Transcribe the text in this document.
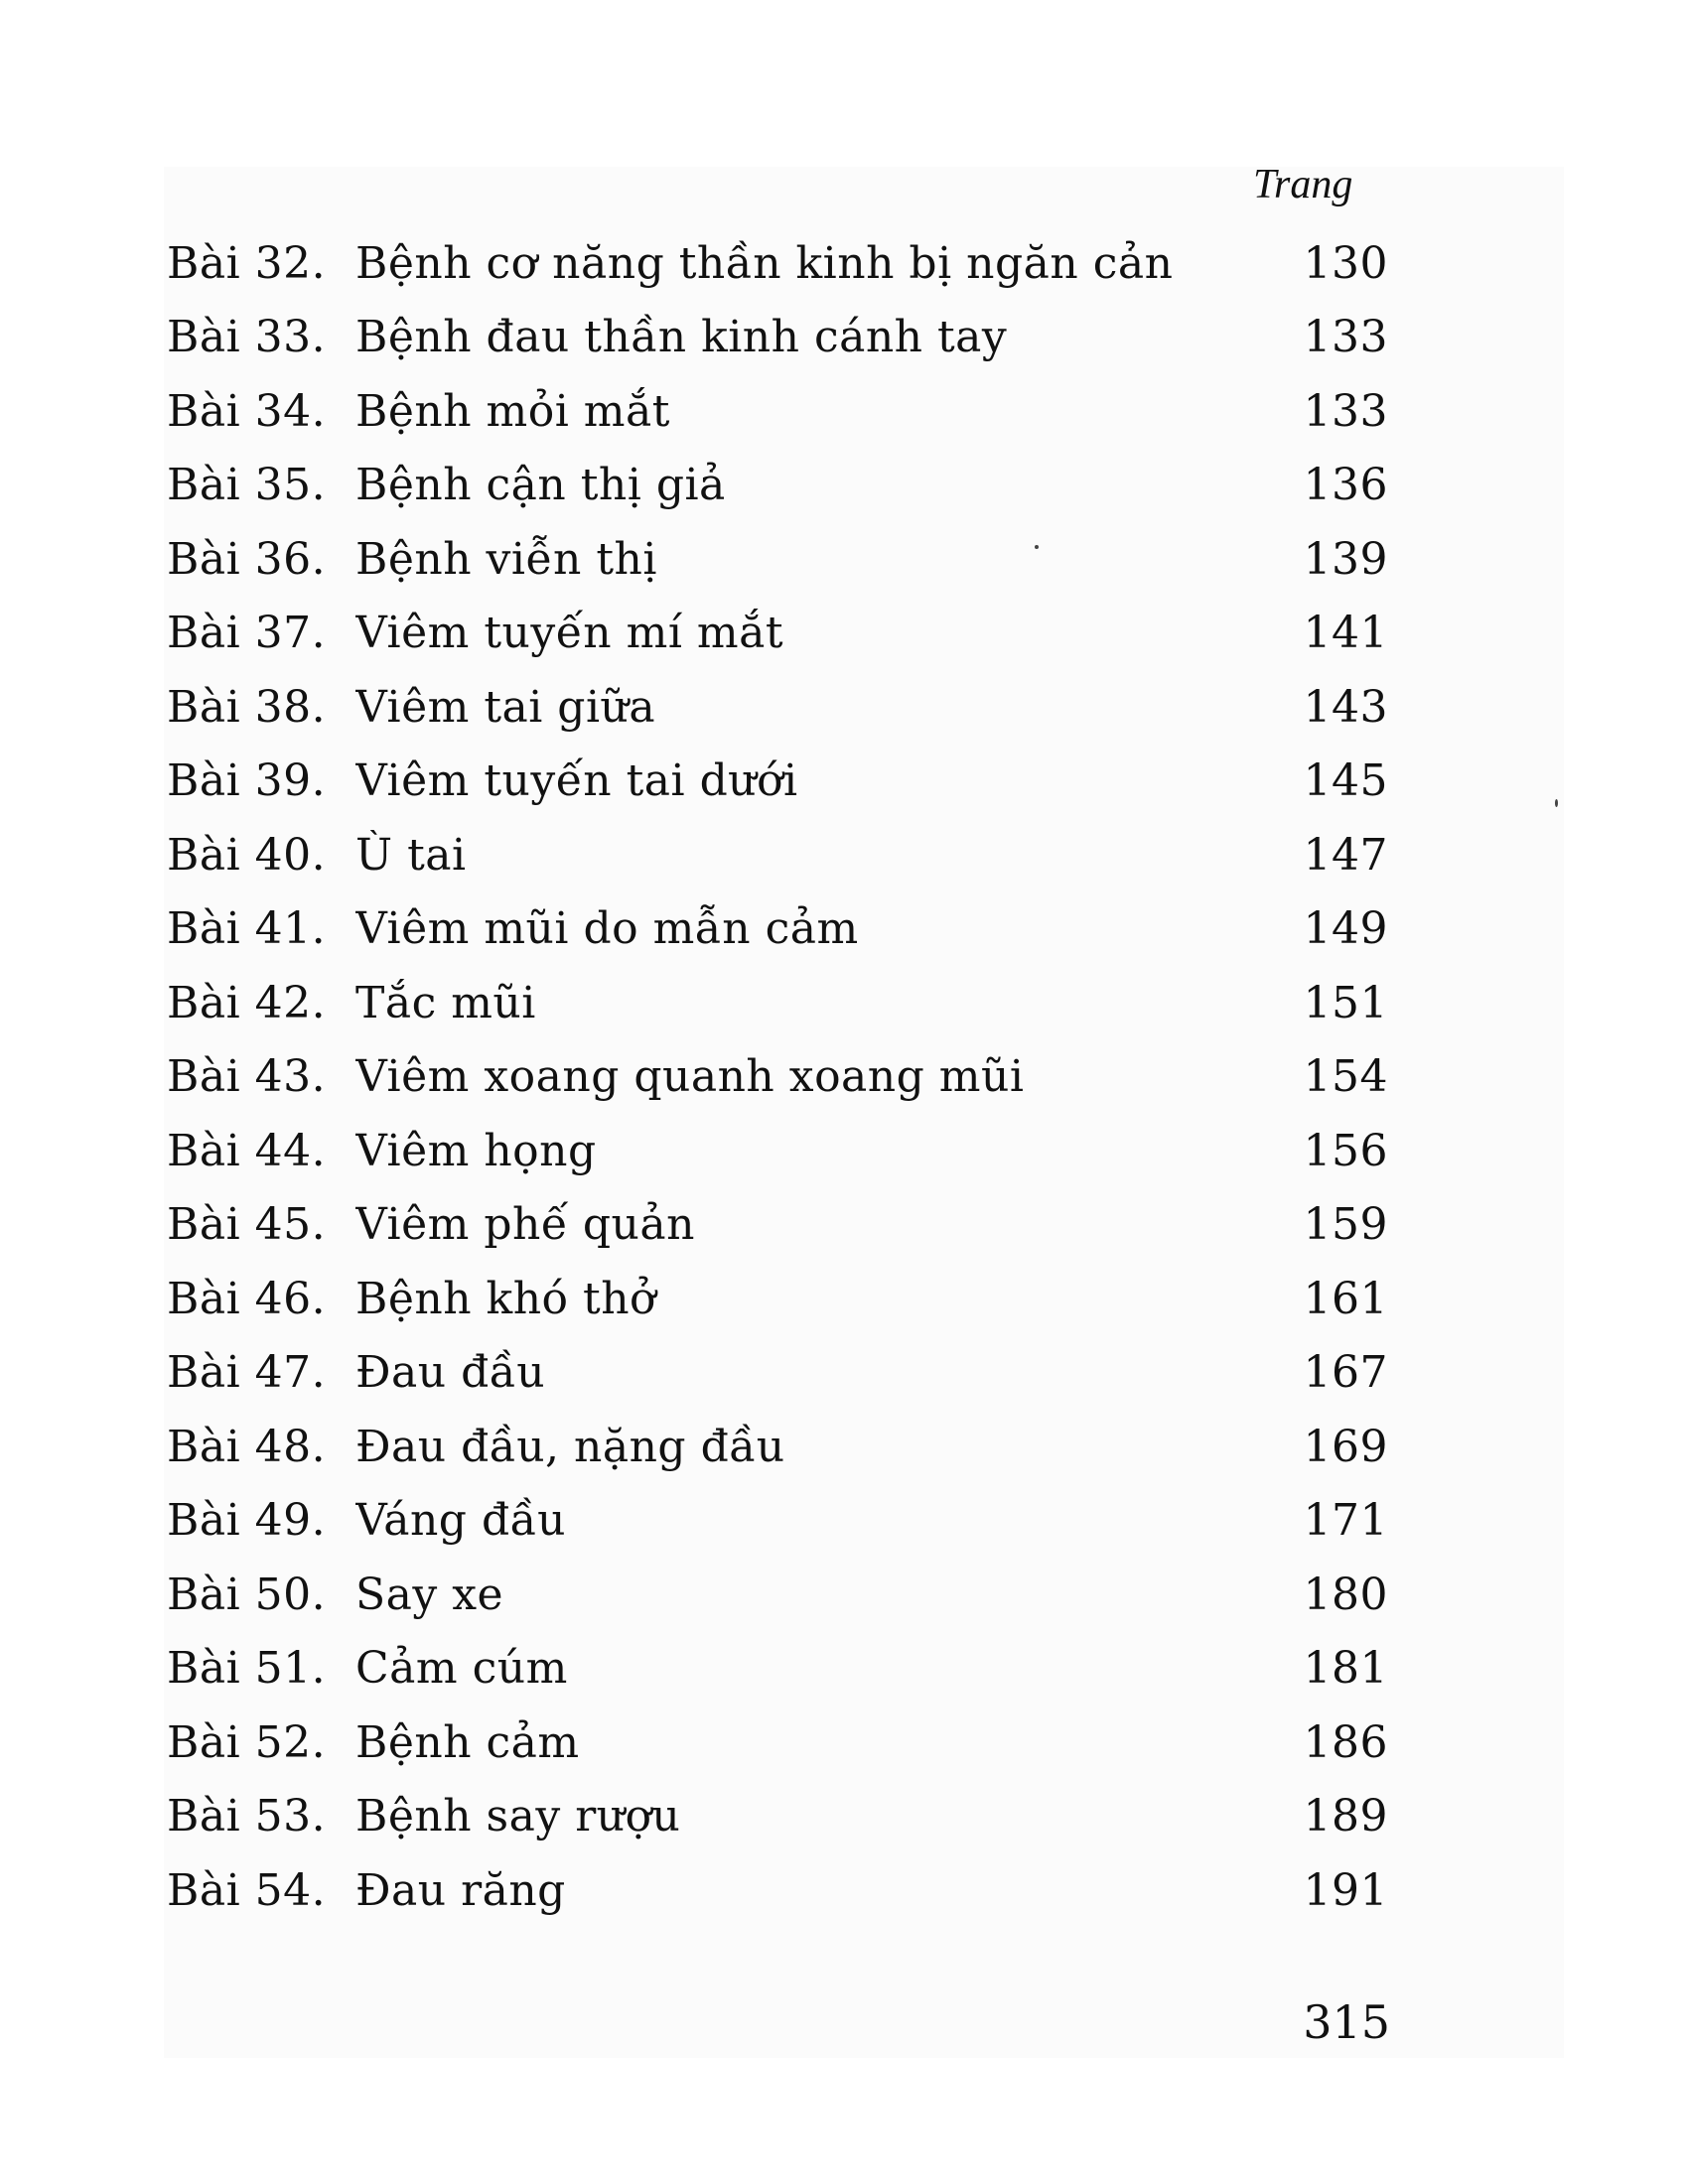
Trang
Bài 32. Bệnh cơ năng thần kinh bị ngăn cản	130
Bài 33. Bệnh đau thần kinh cánh tay	133
Bài 34. Bệnh mỏi mắt	133
Bài 35. Bệnh cận thị giả	136
Bài 36. Bệnh viễn thị	139
Bài 37. Viêm tuyến mí mắt	141
Bài 38. Viêm tai giữa	143
Bài 39. Viêm tuyến tai dưới	145
Bài 40. Ù tai	147
Bài 41. Viêm mũi do mẫn cảm	149
Bài 42. Tắc mũi	151
Bài 43. Viêm xoang quanh xoang mũi	154
Bài 44. Viêm họng	156
Bài 45. Viêm phế quản	159
Bài 46. Bệnh khó thở	161
Bài 47. Đau đầu	167
Bài 48. Đau đầu, nặng đầu	169
Bài 49. Váng đầu	171
Bài 50. Say xe	180
Bài 51. Cảm cúm	181
Bài 52. Bệnh cảm	186
Bài 53. Bệnh say rượu	189
Bài 54. Đau răng	191
315
